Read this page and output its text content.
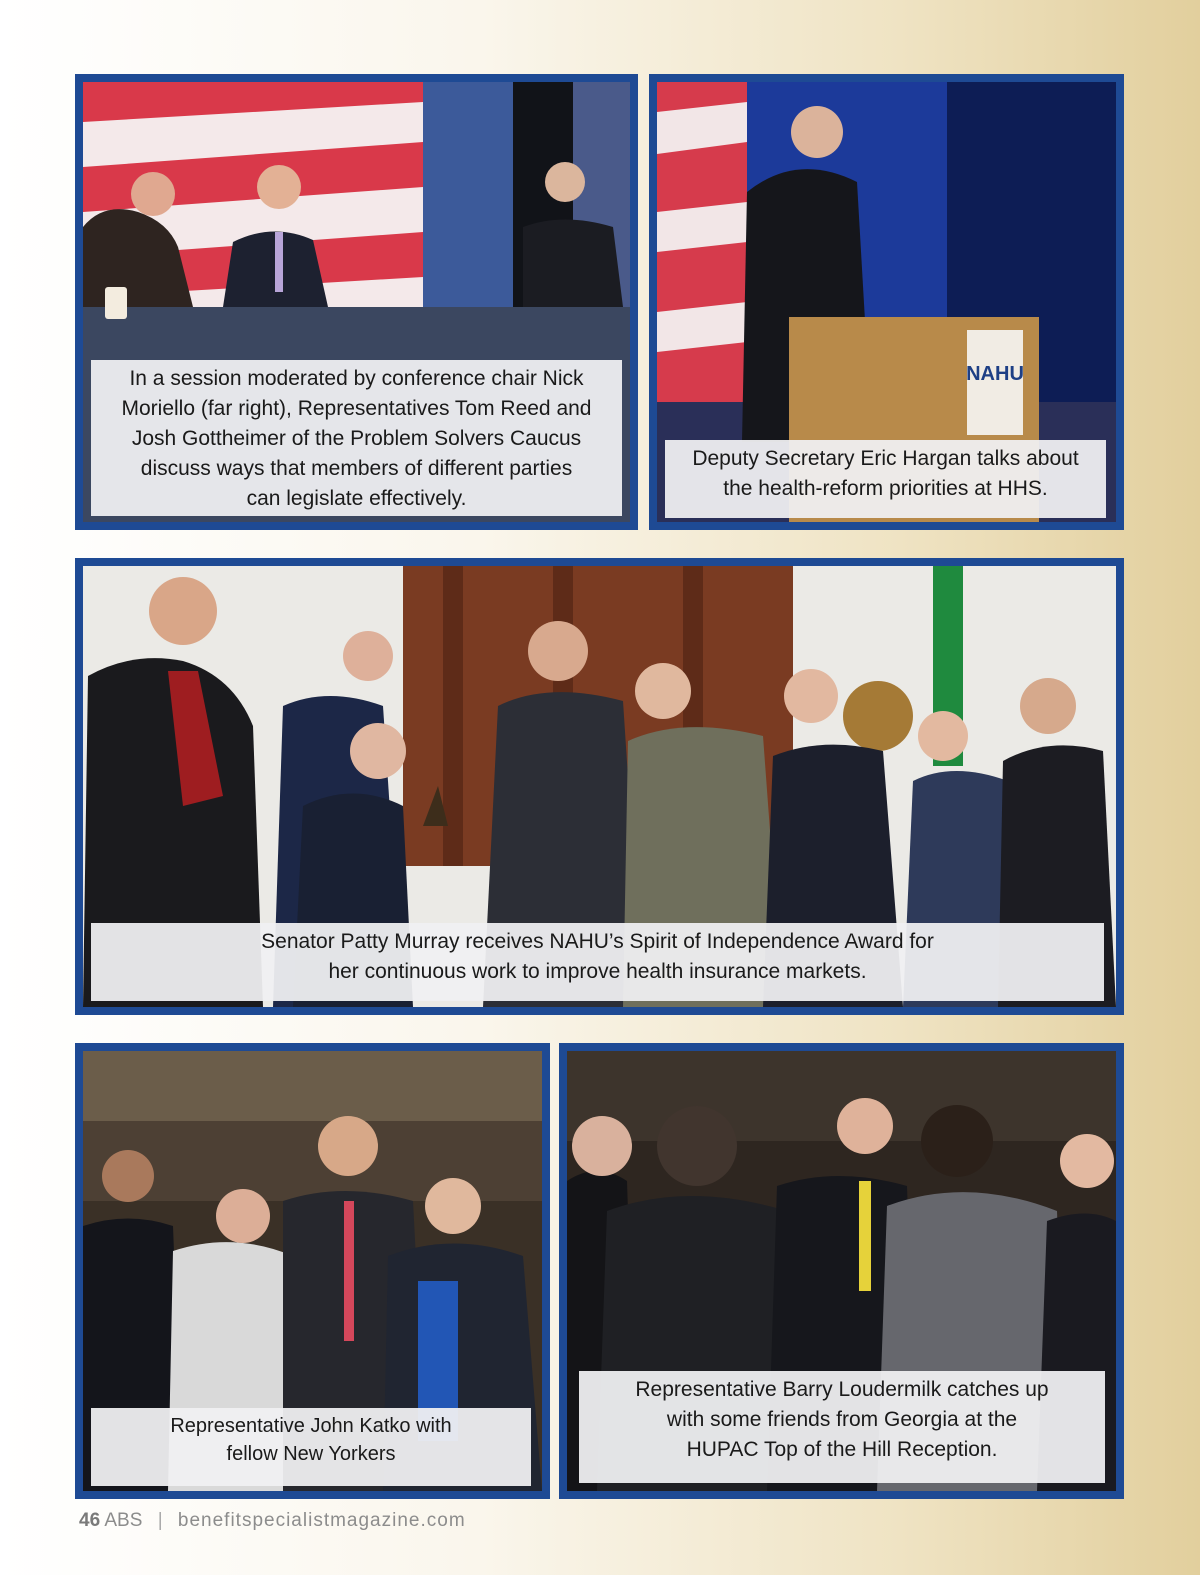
In a session moderated by conference chair Nick
Moriello (far right), Representatives Tom Reed and
Josh Gottheimer of the Problem Solvers Caucus
discuss ways that members of different parties
can legislate effectively.
NAHU
Deputy Secretary Eric Hargan talks about
the health-reform priorities at HHS.
Senator Patty Murray receives NAHU’s Spirit of Independence Award for
her continuous work to improve health insurance markets.
Representative John Katko with
fellow New Yorkers
Representative Barry Loudermilk catches up
with some friends from Georgia at the
HUPAC Top of the Hill Reception.
46 ABS | benefitspecialistmagazine.com
